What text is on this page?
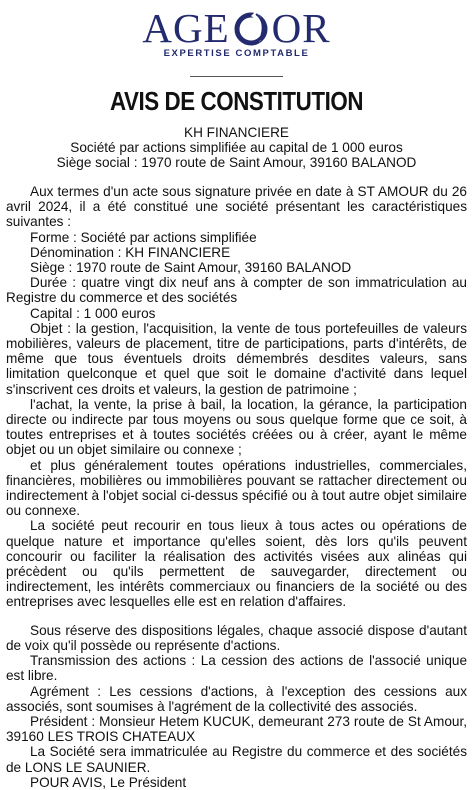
AGE OR
EXPERTISE COMPTABLE
AVIS DE CONSTITUTION
KH FINANCIERE
Société par actions simplifiée au capital de 1 000 euros
Siège social : 1970 route de Saint Amour, 39160 BALANOD

Aux termes d'un acte sous signature privée en date à ST AMOUR du 26 avril 2024, il a été constitué une société présentant les caractéristiques suivantes :

Forme : Société par actions simplifiée

Dénomination : KH FINANCIERE

Siège : 1970 route de Saint Amour, 39160 BALANOD

Durée : quatre vingt dix neuf ans à compter de son immatriculation au Registre du commerce et des sociétés

Capital : 1 000 euros

Objet : la gestion, l'acquisition, la vente de tous portefeuilles de valeurs mobilières, valeurs de placement, titre de participations, parts d'intérêts, de même que tous éventuels droits démembrés desdites valeurs, sans limitation quelconque et quel que soit le domaine d'activité dans lequel s'inscrivent ces droits et valeurs, la gestion de patrimoine ;

l'achat, la vente, la prise à bail, la location, la gérance, la participation directe ou indirecte par tous moyens ou sous quelque forme que ce soit, à toutes entreprises et à toutes sociétés créées ou à créer, ayant le même objet ou un objet similaire ou connexe ;

et plus généralement toutes opérations industrielles, commerciales, financières, mobilières ou immobilières pouvant se rattacher directement ou indirectement à l'objet social ci-dessus spécifié ou à tout autre objet similaire ou connexe.

La société peut recourir en tous lieux à tous actes ou opérations de quelque nature et importance qu'elles soient, dès lors qu'ils peuvent concourir ou faciliter la réalisation des activités visées aux alinéas qui précèdent ou qu'ils permettent de sauvegarder, directement ou indirectement, les intérêts commerciaux ou financiers de la société ou des entreprises avec lesquelles elle est en relation d'affaires.

Sous réserve des dispositions légales, chaque associé dispose d'autant de voix qu'il possède ou représente d'actions.

Transmission des actions : La cession des actions de l'associé unique est libre.

Agrément : Les cessions d'actions, à l'exception des cessions aux associés, sont soumises à l'agrément de la collectivité des associés.

Président : Monsieur Hetem KUCUK, demeurant 273 route de St Amour, 39160 LES TROIS CHATEAUX

La Société sera immatriculée au Registre du commerce et des sociétés de LONS LE SAUNIER.

POUR AVIS, Le Président
